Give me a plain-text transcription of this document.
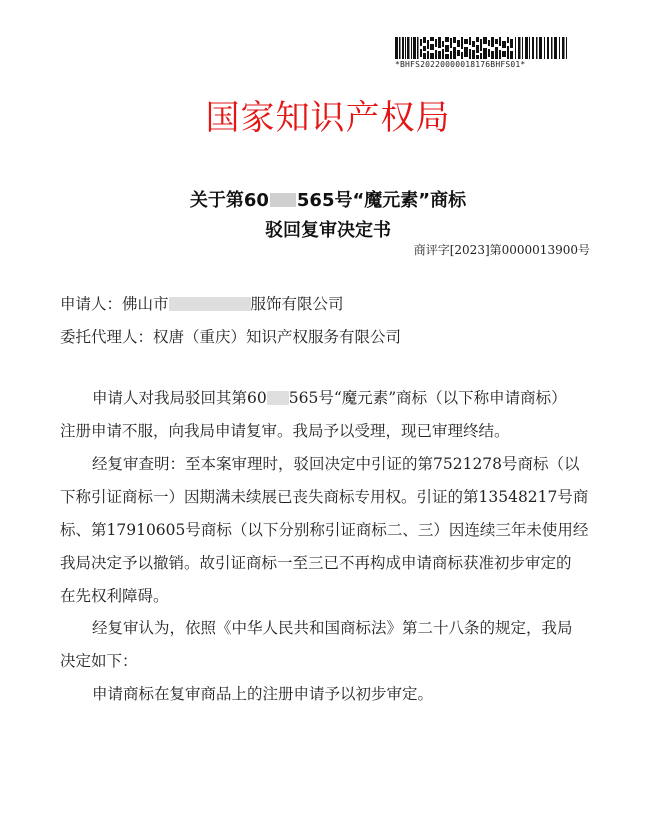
*BHFS20220000018176BHFS01*
国家知识产权局
关于第60 565号“魔元素”商标
驳回复审决定书
商评字[2023]第0000013900号
申请人：佛山市	服饰有限公司
委托代理人：权唐（重庆）知识产权服务有限公司
申请人对我局驳回其第60 565号“魔元素”商标（以下称申请商标）
注册申请不服，向我局申请复审。我局予以受理，现已审理终结。
经复审查明：至本案审理时，驳回决定中引证的第7521278号商标（以
下称引证商标一）因期满未续展已丧失商标专用权。引证的第13548217号商
标、第17910605号商标（以下分别称引证商标二、三）因连续三年未使用经
我局决定予以撤销。故引证商标一至三已不再构成申请商标获准初步审定的
在先权利障碍。
经复审认为，依照《中华人民共和国商标法》第二十八条的规定，我局
决定如下：
申请商标在复审商品上的注册申请予以初步审定。
